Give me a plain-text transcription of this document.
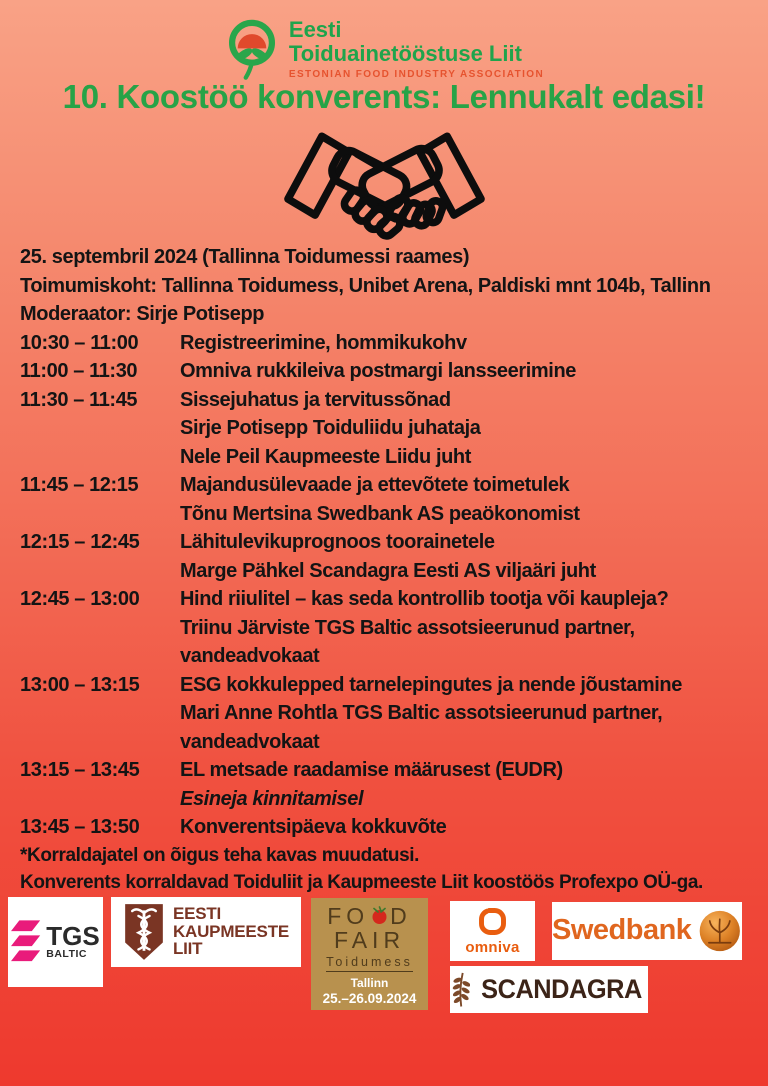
Eesti
Toiduainetööstuse Liit
ESTONIAN FOOD INDUSTRY ASSOCIATION
10. Koostöö konverents: Lennukalt edasi!
25. septembril 2024 (Tallinna Toidumessi raames)
Toimumiskoht: Tallinna Toidumess, Unibet Arena, Paldiski mnt 104b, Tallinn
Moderaator: Sirje Potisepp
10:30 – 11:00	Registreerimine, hommikukohv
11:00 – 11:30	Omniva rukkileiva postmargi lansseerimine
11:30 – 11:45	Sissejuhatus ja tervitussõnad
Sirje Potisepp Toiduliidu juhataja
Nele Peil Kaupmeeste Liidu juht
11:45 – 12:15	Majandusülevaade ja ettevõtete toimetulek
Tõnu Mertsina Swedbank AS peaökonomist
12:15 – 12:45	Lähitulevikuprognoos toorainetele
Marge Pähkel Scandagra Eesti AS viljaäri juht
12:45 – 13:00	Hind riiulitel – kas seda kontrollib tootja või kaupleja?
Triinu Järviste TGS Baltic assotsieerunud partner,
vandeadvokaat
13:00 – 13:15	ESG kokkulepped tarnelepingutes ja nende jõustamine
Mari Anne Rohtla TGS Baltic assotsieerunud partner,
vandeadvokaat
13:15 – 13:45	EL metsade raadamise määrusest (EUDR)
Esineja kinnitamisel
13:45 – 13:50	Konverentsipäeva kokkuvõte
*Korraldajatel on õigus teha kavas muudatusi.
Konverents korraldavad Toiduliit ja Kaupmeeste Liit koostöös Profexpo OÜ-ga.
TGS
BALTIC
EESTI
KAUPMEESTE
LIIT
FO D
FAIR
Toidumess
Tallinn
25.–26.09.2024
omniva
Swedbank
SCANDAGRA
